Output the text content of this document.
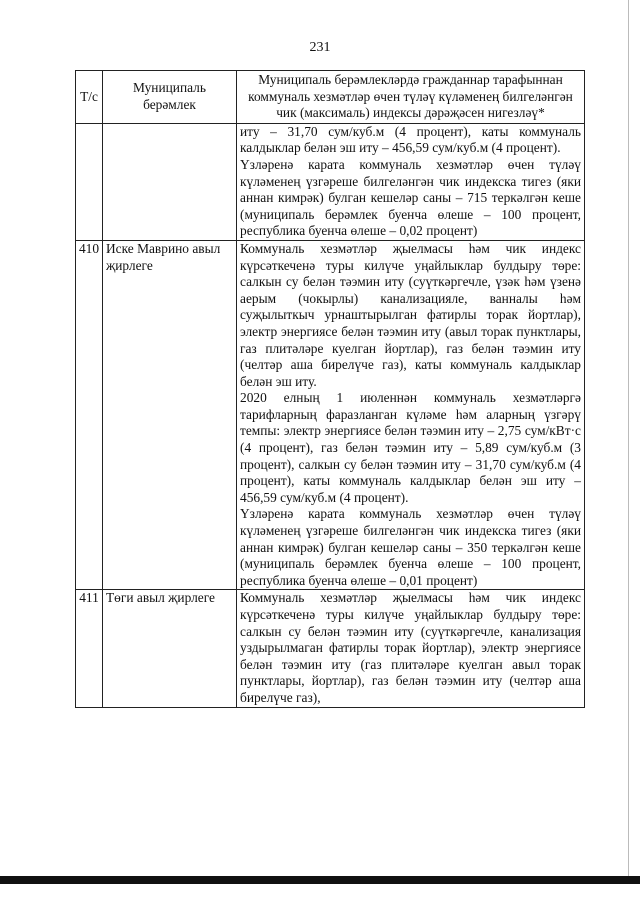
231
Т/с	Муниципаль берәмлек	Муниципаль берәмлекләрдә гражданнар тарафыннан коммуналь хезмәтләр өчен түләү күләменең билгеләнгән чик (максималь) индексы дәрәҗәсен нигезләү*

		иту – 31,70 сум/куб.м (4 процент), каты коммуналь калдыклар белән эш иту – 456,59 сум/куб.м (4 процент).

Үзләренә карата коммуналь хезмәтләр өчен түләү күләменең үзгәреше билгеләнгән чик индекска тигез (яки аннан кимрәк) булган кешеләр саны – 715 теркәлгән кеше (муниципаль берәмлек буенча өлеше – 100 процент, республика буенча өлеше – 0,02 процент)

410	Иске Маврино авыл җирлеге	Коммуналь хезмәтләр җыелмасы һәм чик индекс күрсәткеченә туры килүче уңайлыклар булдыру төре: салкын су белән тәэмин иту (суүткәргечле, үзәк һәм үзенә аерым (чокырлы) канализацияле, ванналы һәм суҗылыткыч урнаштырылган фатирлы торак йортлар), электр энергиясе белән тәэмин иту (авыл торак пунктлары, газ плитәләре куелган йортлар), газ белән тәэмин иту (челтәр аша бирелүче газ), каты коммуналь калдыклар белән эш иту.

2020 елның 1 июленнән коммуналь хезмәтләргә тарифларның фаразланган күләме һәм аларның үзгәрү темпы: электр энергиясе белән тәэмин иту – 2,75 сум/кВт·с (4 процент), газ белән тәэмин иту – 5,89 сум/куб.м (3 процент), салкын су белән тәэмин иту – 31,70 сум/куб.м (4 процент), каты коммуналь калдыклар белән эш иту – 456,59 сум/куб.м (4 процент).

Үзләренә карата коммуналь хезмәтләр өчен түләү күләменең үзгәреше билгеләнгән чик индекска тигез (яки аннан кимрәк) булган кешеләр саны – 350 теркәлгән кеше (муниципаль берәмлек буенча өлеше – 100 процент, республика буенча өлеше – 0,01 процент)

411	Төги авыл җирлеге	Коммуналь хезмәтләр җыелмасы һәм чик индекс күрсәткеченә туры килүче уңайлыклар булдыру төре: салкын су белән тәэмин иту (суүткәргечле, канализация уздырылмаган фатирлы торак йортлар), электр энергиясе белән тәэмин иту (газ плитәләре куелган авыл торак пунктлары, йортлар), газ белән тәэмин иту (челтәр аша бирелүче газ),
